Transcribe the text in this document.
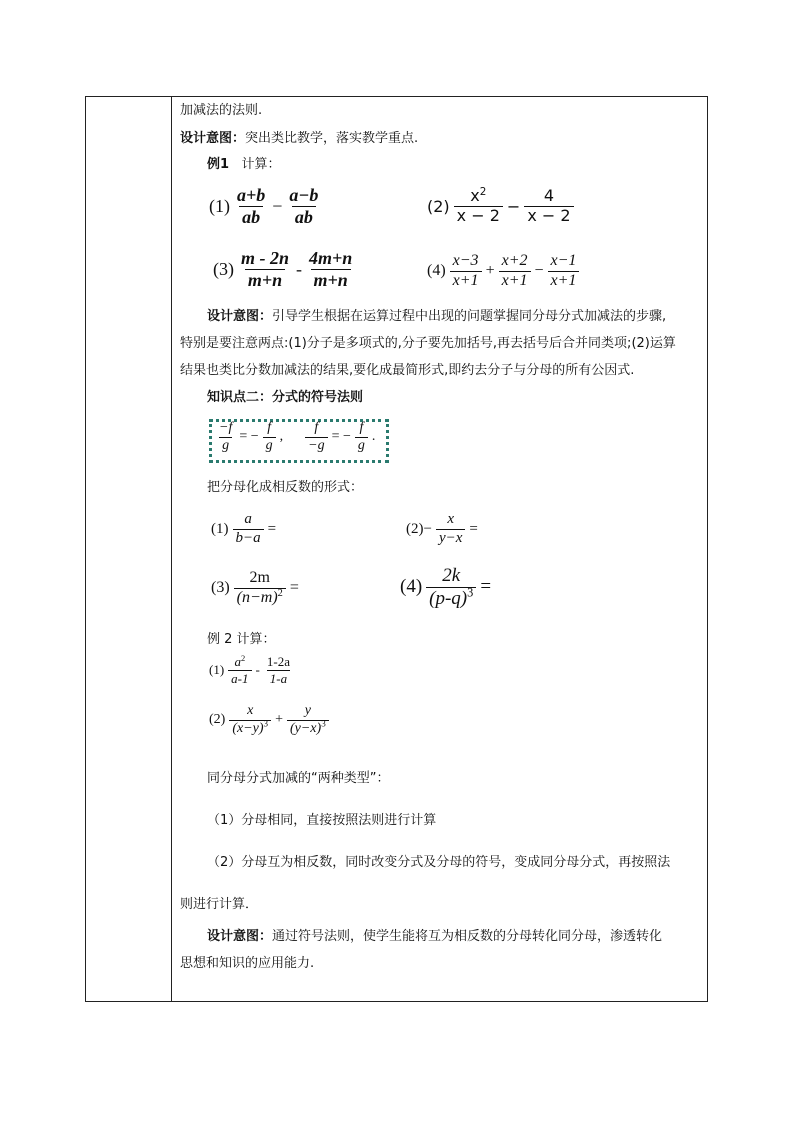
加减法的法则.
设计意图：突出类比教学，落实教学重点.
例1 计算：
$(1) \frac{a+b}{ab} - \frac{a-b}{ab}$	$(2) \frac{x^2}{x - 2} - \frac{4}{x - 2}$
$(3) \frac{m - 2n}{m+n} - \frac{4m+n}{m+n}$	$(4) \frac{x-3}{x+1} + \frac{x+2}{x+1} - \frac{x-1}{x+1}$
设计意图：引导学生根据在运算过程中出现的问题掌握同分母分式加减法的步骤,
特别是要注意两点:(1)分子是多项式的,分子要先加括号,再去括号后合并同类项;(2)运算
结果也类比分数加减法的结果,要化成最简形式,即约去分子与分母的所有公因式.
知识点二：分式的符号法则
$\frac{-f}{g}$ = − $\frac{f}{g}$ , $\frac{f}{-g}$ = − $\frac{f}{g}$ .
把分母化成相反数的形式：
$(1) \frac{a}{b-a}$ =	$(2)- \frac{x}{y-x}$ =
$(3) \frac{2m}{(n-m)^2}$ =	$(4) \frac{2k}{(p-q)^3}$ =
例 2 计算：
$(1) \frac{a^2}{a-1} - \frac{1-2a}{1-a}$
$(2) \frac{x}{(x-y)^3} + \frac{y}{(y-x)^3}$
同分母分式加减的“两种类型”：
（1）分母相同，直接按照法则进行计算
（2）分母互为相反数，同时改变分式及分母的符号，变成同分母分式，再按照法
则进行计算．
设计意图：通过符号法则，使学生能将互为相反数的分母转化同分母，渗透转化
思想和知识的应用能力.
